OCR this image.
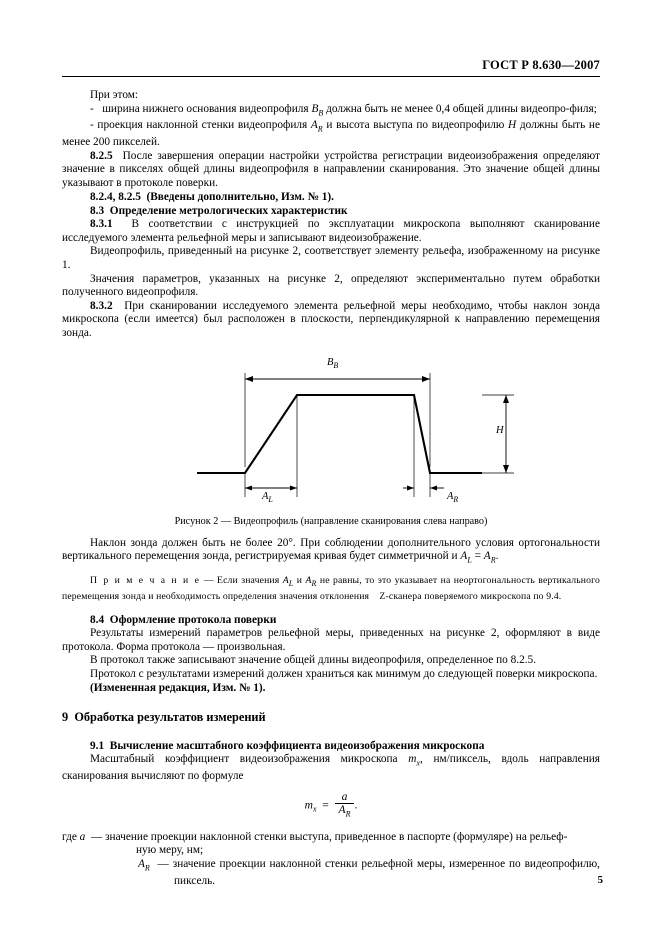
ГОСТ Р 8.630—2007

При этом:

-   ширина нижнего основания видеопрофиля $B_B$ должна быть не менее 0,4 общей длины видеопро-филя;

- проекция наклонной стенки видеопрофиля $A_R$ и высота выступа по видеопрофилю H должны быть не менее 200 пикселей.

8.2.5 После завершения операции настройки устройства регистрации видеоизображения определяют значение в пикселях общей длины видеопрофиля в направлении сканирования. Это значение общей длины указывают в протоколе поверки.

8.2.4, 8.2.5 (Введены дополнительно, Изм. № 1).

8.3 Определение метрологических характеристик

8.3.1 В соответствии с инструкцией по эксплуатации микроскопа выполняют сканирование исследуемого элемента рельефной меры и записывают видеоизображение.

Видеопрофиль, приведенный на рисунке 2, соответствует элементу рельефа, изображенному на рисунке 1.

Значения параметров, указанных на рисунке 2, определяют экспериментально путем обработки полученного видеопрофиля.

8.3.2 При сканировании исследуемого элемента рельефной меры необходимо, чтобы наклон зонда микроскопа (если имеется) был расположен в плоскости, перпендикулярной к направлению перемещения зонда.

$B_B$
H
$A_L$	$A_R$
Рисунок 2 — Видеопрофиль (направление сканирования слева направо)

Наклон зонда должен быть не более 20°. При соблюдении дополнительного условия ортогональности вертикального перемещения зонда, регистрируемая кривая будет симметричной и $A_L = A_R$.

П р и м е ч а н и е — Если значения $A_L$ и $A_R$ не равны, то это указывает на неортогональность вертикального перемещения зонда и необходимость определения значения отклонения    Z-сканера поверяемого микроскопа по 9.4.

8.4 Оформление протокола поверки

Результаты измерений параметров рельефной меры, приведенных на рисунке 2, оформляют в виде протокола. Форма протокола — произвольная.

В протокол также записывают значение общей длины видеопрофиля, определенное по 8.2.5.

Протокол с результатами измерений должен храниться как минимум до следующей поверки микроскопа.

(Измененная редакция, Изм. № 1).

9 Обработка результатов измерений

9.1 Вычисление масштабного коэффициента видеоизображения микроскопа

Масштабный коэффициент видеоизображения микроскопа $m_x$, нм/пиксель, вдоль направления сканирования вычисляют по формуле

$m_x = \frac{a}{A_R}$ .

где a  — значение проекции наклонной стенки выступа, приведенное в паспорте (формуляре) на рельеф-

ную меру, нм;

$A_R$  — значение проекции наклонной стенки рельефной меры, измеренное по видеопрофилю, пиксель.	5
